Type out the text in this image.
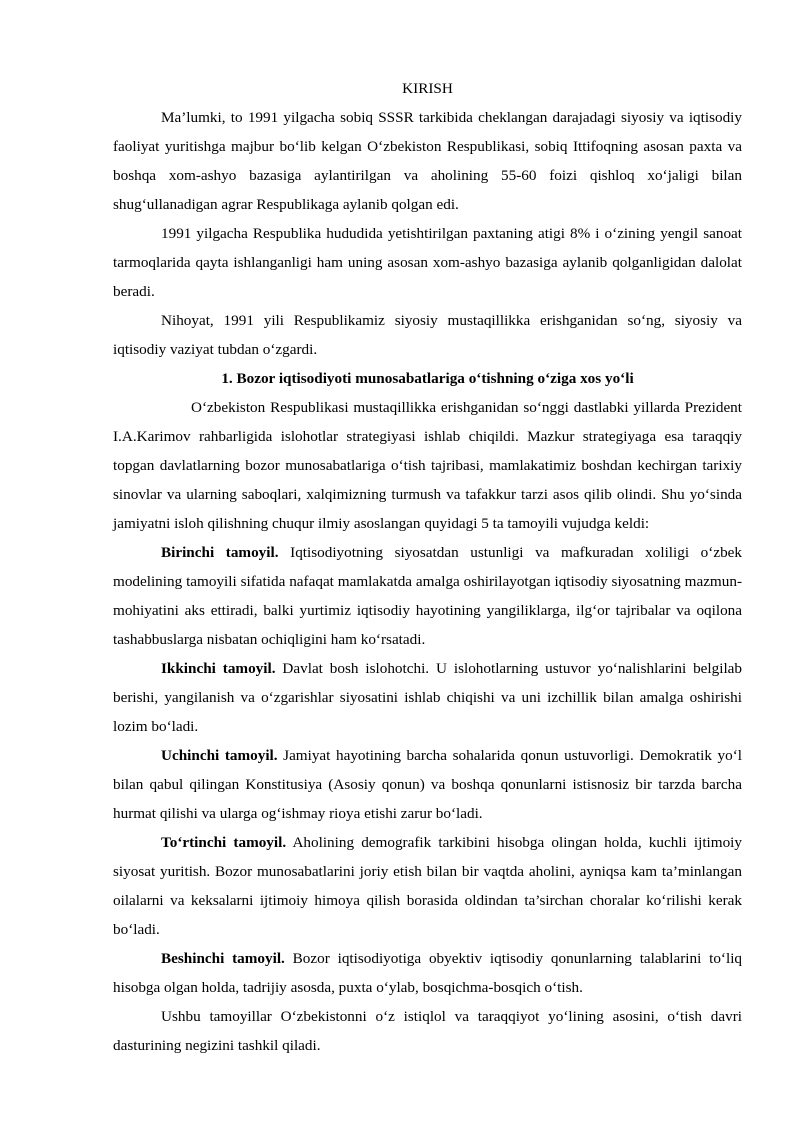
KIRISH

Ma’lumki, to 1991 yilgacha sobiq SSSR tarkibida cheklangan darajadagi siyosiy va iqtisodiy faoliyat yuritishga majbur bo‘lib kelgan O‘zbekiston Respublikasi, sobiq Ittifoqning asosan paxta va boshqa xom-ashyo bazasiga aylantirilgan va aholining 55-60 foizi qishloq xo‘jaligi bilan shug‘ullanadigan agrar Respublikaga aylanib qolgan edi.

1991 yilgacha Respublika hududida yetishtirilgan paxtaning atigi 8% i o‘zining yengil sanoat tarmoqlarida qayta ishlanganligi ham uning asosan xom-ashyo bazasiga aylanib qolganligidan dalolat beradi.

Nihoyat, 1991 yili Respublikamiz siyosiy mustaqillikka erishganidan so‘ng, siyosiy va iqtisodiy vaziyat tubdan o‘zgardi.

1. Bozor iqtisodiyoti munosabatlariga o‘tishning o‘ziga xos yo‘li

O‘zbekiston Respublikasi mustaqillikka erishganidan so‘nggi dastlabki yillarda Prezident I.A.Karimov rahbarligida islohotlar strategiyasi ishlab chiqildi. Mazkur strategiyaga esa taraqqiy topgan davlatlarning bozor munosabatlariga o‘tish tajribasi, mamlakatimiz boshdan kechirgan tarixiy sinovlar va ularning saboqlari, xalqimizning turmush va tafakkur tarzi asos qilib olindi. Shu yo‘sinda jamiyatni isloh qilishning chuqur ilmiy asoslangan quyidagi 5 ta tamoyili vujudga keldi:

Birinchi tamoyil. Iqtisodiyotning siyosatdan ustunligi va mafkuradan xoliligi o‘zbek modelining tamoyili sifatida nafaqat mamlakatda amalga oshirilayotgan iqtisodiy siyosatning mazmun-mohiyatini aks ettiradi, balki yurtimiz iqtisodiy hayotining yangiliklarga, ilg‘or tajribalar va oqilona tashabbuslarga nisbatan ochiqligini ham ko‘rsatadi.

Ikkinchi tamoyil. Davlat bosh islohotchi. U islohotlarning ustuvor yo‘nalishlarini belgilab berishi, yangilanish va o‘zgarishlar siyosatini ishlab chiqishi va uni izchillik bilan amalga oshirishi lozim bo‘ladi.

Uchinchi tamoyil. Jamiyat hayotining barcha sohalarida qonun ustuvorligi. Demokratik yo‘l bilan qabul qilingan Konstitusiya (Asosiy qonun) va boshqa qonunlarni istisnosiz bir tarzda barcha hurmat qilishi va ularga og‘ishmay rioya etishi zarur bo‘ladi.

To‘rtinchi tamoyil. Aholining demografik tarkibini hisobga olingan holda, kuchli ijtimoiy siyosat yuritish. Bozor munosabatlarini joriy etish bilan bir vaqtda aholini, ayniqsa kam ta’minlangan oilalarni va keksalarni ijtimoiy himoya qilish borasida oldindan ta’sirchan choralar ko‘rilishi kerak bo‘ladi.

Beshinchi tamoyil. Bozor iqtisodiyotiga obyektiv iqtisodiy qonunlarning talablarini to‘liq hisobga olgan holda, tadrijiy asosda, puxta o‘ylab, bosqichma-bosqich o‘tish.

Ushbu tamoyillar O‘zbekistonni o‘z istiqlol va taraqqiyot yo‘lining asosini, o‘tish davri dasturining negizini tashkil qiladi.
